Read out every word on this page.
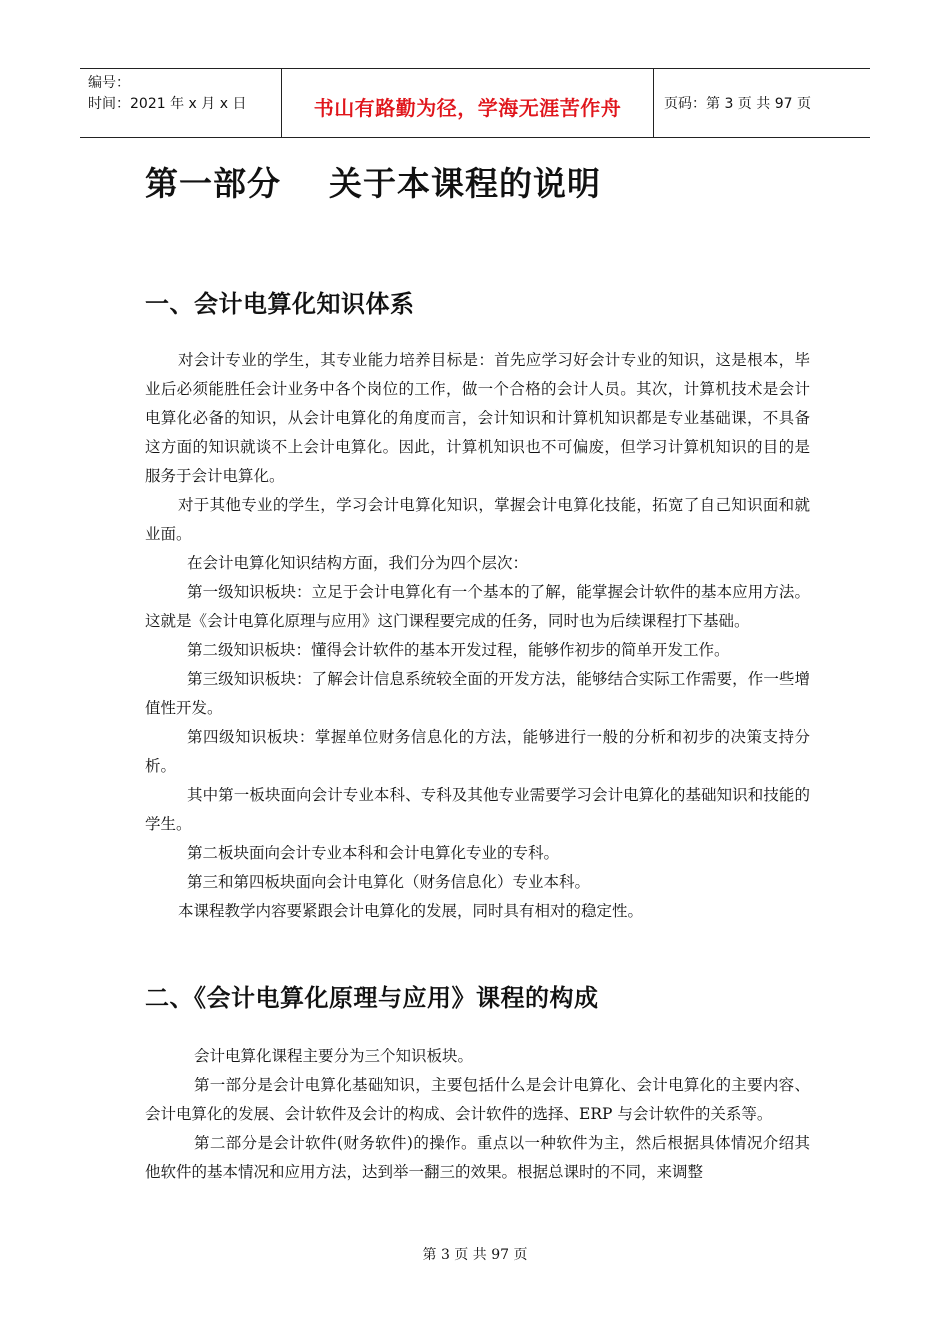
编号：
时间：2021 年 x 月 x 日	书山有路勤为径，学海无涯苦作舟	页码：第 3 页 共 97 页
第一部分 关于本课程的说明
一、会计电算化知识体系

对会计专业的学生，其专业能力培养目标是：首先应学习好会计专业的知识，这是根本，毕业后必须能胜任会计业务中各个岗位的工作，做一个合格的会计人员。其次，计算机技术是会计电算化必备的知识，从会计电算化的角度而言，会计知识和计算机知识都是专业基础课，不具备这方面的知识就谈不上会计电算化。因此，计算机知识也不可偏废，但学习计算机知识的目的是服务于会计电算化。

对于其他专业的学生，学习会计电算化知识，掌握会计电算化技能，拓宽了自己知识面和就业面。

在会计电算化知识结构方面，我们分为四个层次：

第一级知识板块：立足于会计电算化有一个基本的了解，能掌握会计软件的基本应用方法。这就是《会计电算化原理与应用》这门课程要完成的任务，同时也为后续课程打下基础。

第二级知识板块：懂得会计软件的基本开发过程，能够作初步的简单开发工作。

第三级知识板块：了解会计信息系统较全面的开发方法，能够结合实际工作需要，作一些增值性开发。

第四级知识板块：掌握单位财务信息化的方法，能够进行一般的分析和初步的决策支持分析。

其中第一板块面向会计专业本科、专科及其他专业需要学习会计电算化的基础知识和技能的学生。

第二板块面向会计专业本科和会计电算化专业的专科。

第三和第四板块面向会计电算化（财务信息化）专业本科。

本课程教学内容要紧跟会计电算化的发展，同时具有相对的稳定性。

二、《会计电算化原理与应用》课程的构成

会计电算化课程主要分为三个知识板块。

第一部分是会计电算化基础知识，主要包括什么是会计电算化、会计电算化的主要内容、会计电算化的发展、会计软件及会计的构成、会计软件的选择、ERP 与会计软件的关系等。

第二部分是会计软件(财务软件)的操作。重点以一种软件为主，然后根据具体情况介绍其他软件的基本情况和应用方法，达到举一翻三的效果。根据总课时的不同，来调整

第 3 页 共 97 页
